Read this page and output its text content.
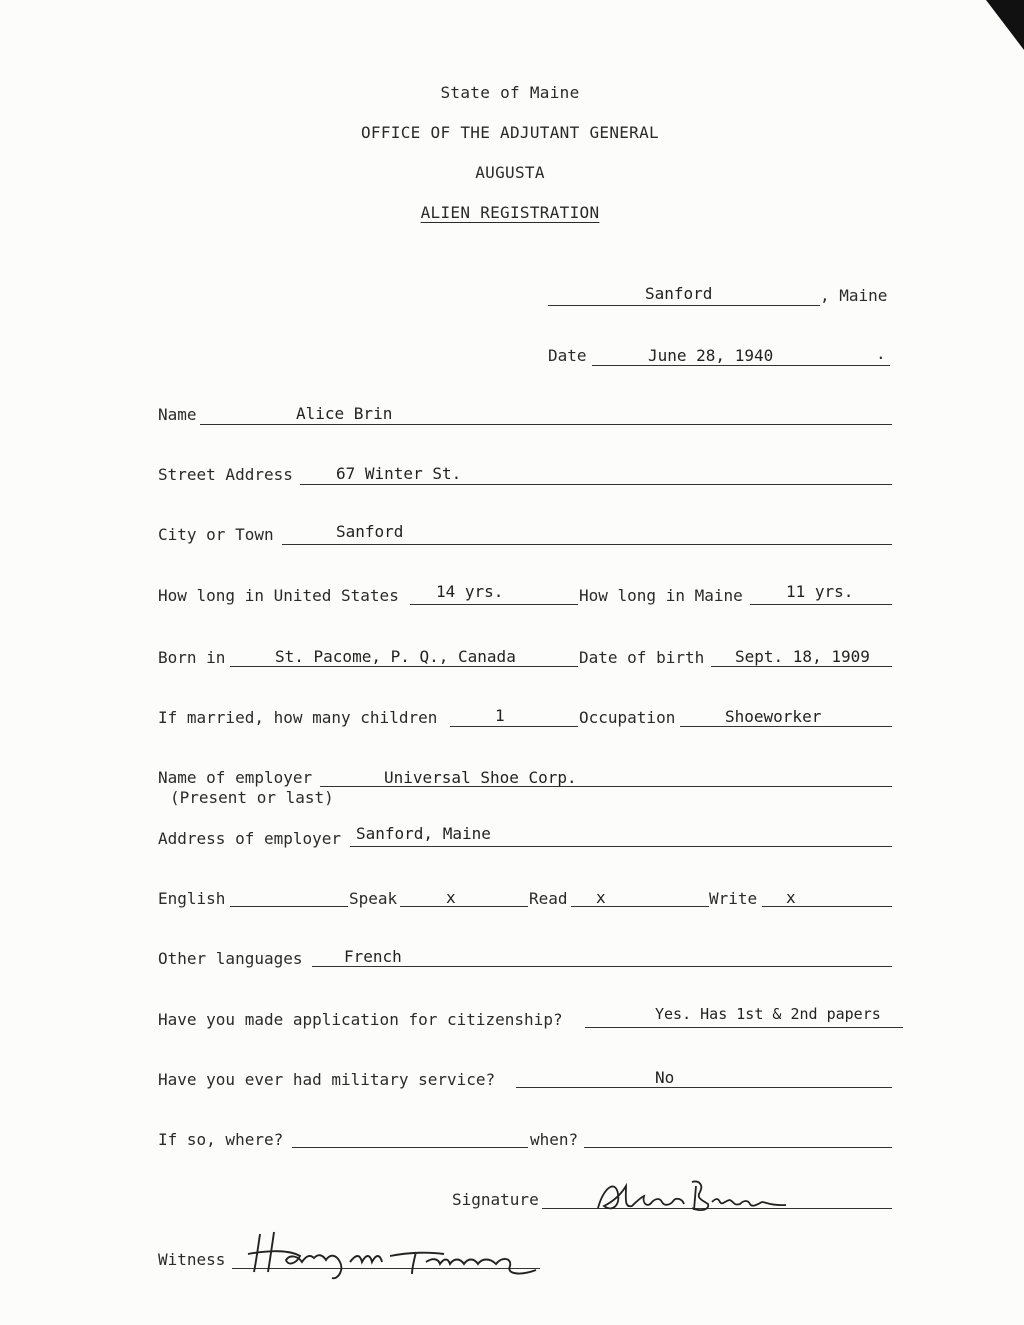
State of Maine
OFFICE OF THE ADJUTANT GENERAL
AUGUSTA
ALIEN REGISTRATION
Sanford	, Maine
Date	June 28, 1940	.
Name	Alice Brin
Street Address	67 Winter St.
City or Town	Sanford
How long in United States 14 yrs.	How long in Maine	11 yrs.
Born in	St. Pacome, P. Q., Canada	Date of birth Sept. 18, 1909
If married, how many children	1	Occupation	Shoeworker
Name of employer
(Present or last)
Universal Shoe Corp.
Address of employer Sanford, Maine
English	Speak	x	Read x	Write x
Other languages	French
Have you made application for citizenship?	Yes. Has 1st & 2nd papers
Have you ever had military service?	No
If so, where?	when?
Signature
Witness
